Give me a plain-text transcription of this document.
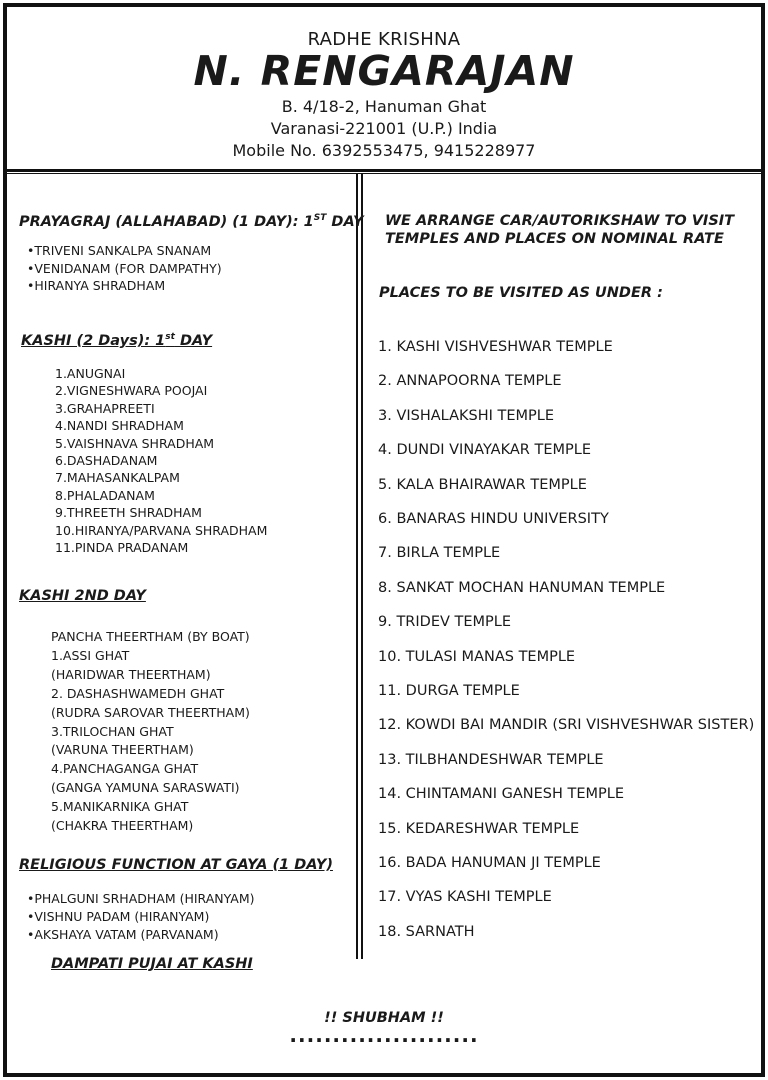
RADHE KRISHNA
N. RENGARAJAN
B. 4/18-2, Hanuman Ghat
Varanasi-221001 (U.P.) India
Mobile No. 6392553475, 9415228977
PRAYAGRAJ (ALLAHABAD) (1 DAY): 1ST DAY
•TRIVENI SANKALPA SNANAM
•VENIDANAM (FOR DAMPATHY)
•HIRANYA SHRADHAM
KASHI (2 Days): 1st DAY
1.ANUGNAI
2.VIGNESHWARA POOJAI
3.GRAHAPREETI
4.NANDI SHRADHAM
5.VAISHNAVA SHRADHAM
6.DASHADANAM
7.MAHASANKALPAM
8.PHALADANAM
9.THREETH SHRADHAM
10.HIRANYA/PARVANA SHRADHAM
11.PINDA PRADANAM
KASHI 2ND DAY
PANCHA THEERTHAM (BY BOAT)
1.ASSI GHAT
(HARIDWAR THEERTHAM)
2. DASHASHWAMEDH GHAT
(RUDRA SAROVAR THEERTHAM)
3.TRILOCHAN GHAT
(VARUNA THEERTHAM)
4.PANCHAGANGA GHAT
(GANGA YAMUNA SARASWATI)
5.MANIKARNIKA GHAT
(CHAKRA THEERTHAM)
RELIGIOUS FUNCTION AT GAYA (1 DAY)
•PHALGUNI SRHADHAM (HIRANYAM)
•VISHNU PADAM (HIRANYAM)
•AKSHAYA VATAM (PARVANAM)
DAMPATI PUJAI AT KASHI
WE ARRANGE CAR/AUTORIKSHAW TO VISIT
TEMPLES AND PLACES ON NOMINAL RATE
PLACES TO BE VISITED AS UNDER :
1. KASHI VISHVESHWAR TEMPLE
2. ANNAPOORNA TEMPLE
3. VISHALAKSHI TEMPLE
4. DUNDI VINAYAKAR TEMPLE
5. KALA BHAIRAWAR TEMPLE
6. BANARAS HINDU UNIVERSITY
7. BIRLA TEMPLE
8. SANKAT MOCHAN HANUMAN TEMPLE
9. TRIDEV TEMPLE
10. TULASI MANAS TEMPLE
11. DURGA TEMPLE
12. KOWDI BAI MANDIR (SRI VISHVESHWAR SISTER)
13. TILBHANDESHWAR TEMPLE
14. CHINTAMANI GANESH TEMPLE
15. KEDARESHWAR TEMPLE
16. BADA HANUMAN JI TEMPLE
17. VYAS KASHI TEMPLE
18. SARNATH
!! SHUBHAM !!
......................
